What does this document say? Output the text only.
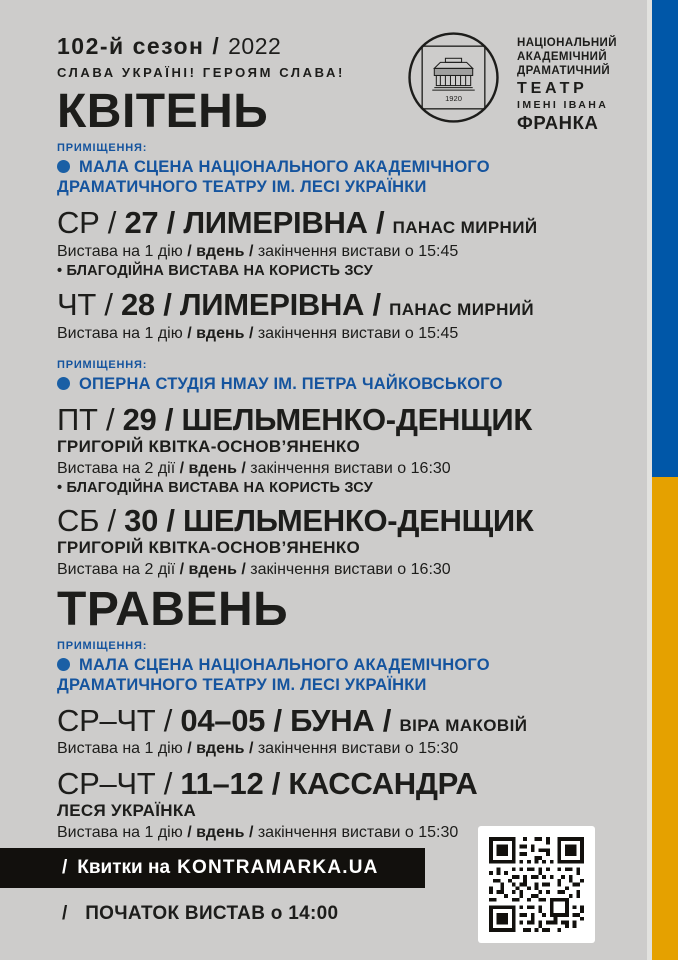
102-й сезон / 2022
СЛАВА УКРАЇНІ! ГЕРОЯМ СЛАВА!
1920
НАЦІОНАЛЬНИЙ
АКАДЕМІЧНИЙ
ДРАМАТИЧНИЙ
ТЕАТР
ІМЕНІ ІВАНА
ФРАНКА
КВІТЕНЬ
ПРИМІЩЕННЯ:
МАЛА СЦЕНА НАЦІОНАЛЬНОГО АКАДЕМІЧНОГО ДРАМАТИЧНОГО ТЕАТРУ ІМ. ЛЕСІ УКРАЇНКИ
СР / 27 / ЛИМЕРІВНА / ПАНАС МИРНИЙ
Вистава на 1 дію / вдень / закінчення вистави о 15:45
• БЛАГОДІЙНА ВИСТАВА НА КОРИСТЬ ЗСУ
ЧТ / 28 / ЛИМЕРІВНА / ПАНАС МИРНИЙ
Вистава на 1 дію / вдень / закінчення вистави о 15:45
ПРИМІЩЕННЯ:
ОПЕРНА СТУДІЯ НМАУ ІМ. ПЕТРА ЧАЙКОВСЬКОГО
ПТ / 29 / ШЕЛЬМЕНКО-ДЕНЩИК
ГРИГОРІЙ КВІТКА-ОСНОВ’ЯНЕНКО
Вистава на 2 дії / вдень / закінчення вистави о 16:30
• БЛАГОДІЙНА ВИСТАВА НА КОРИСТЬ ЗСУ
СБ / 30 / ШЕЛЬМЕНКО-ДЕНЩИК
ГРИГОРІЙ КВІТКА-ОСНОВ’ЯНЕНКО
Вистава на 2 дії / вдень / закінчення вистави о 16:30
ТРАВЕНЬ
ПРИМІЩЕННЯ:
МАЛА СЦЕНА НАЦІОНАЛЬНОГО АКАДЕМІЧНОГО ДРАМАТИЧНОГО ТЕАТРУ ІМ. ЛЕСІ УКРАЇНКИ
СР–ЧТ / 04–05 / БУНА / ВІРА МАКОВІЙ
Вистава на 1 дію / вдень / закінчення вистави о 15:30
СР–ЧТ / 11–12 / КАССАНДРА
ЛЕСЯ УКРАЇНКА
Вистава на 1 дію / вдень / закінчення вистави о 15:30
/ Квитки на KONTRAMARKA.UA
/ ПОЧАТОК ВИСТАВ о 14:00
